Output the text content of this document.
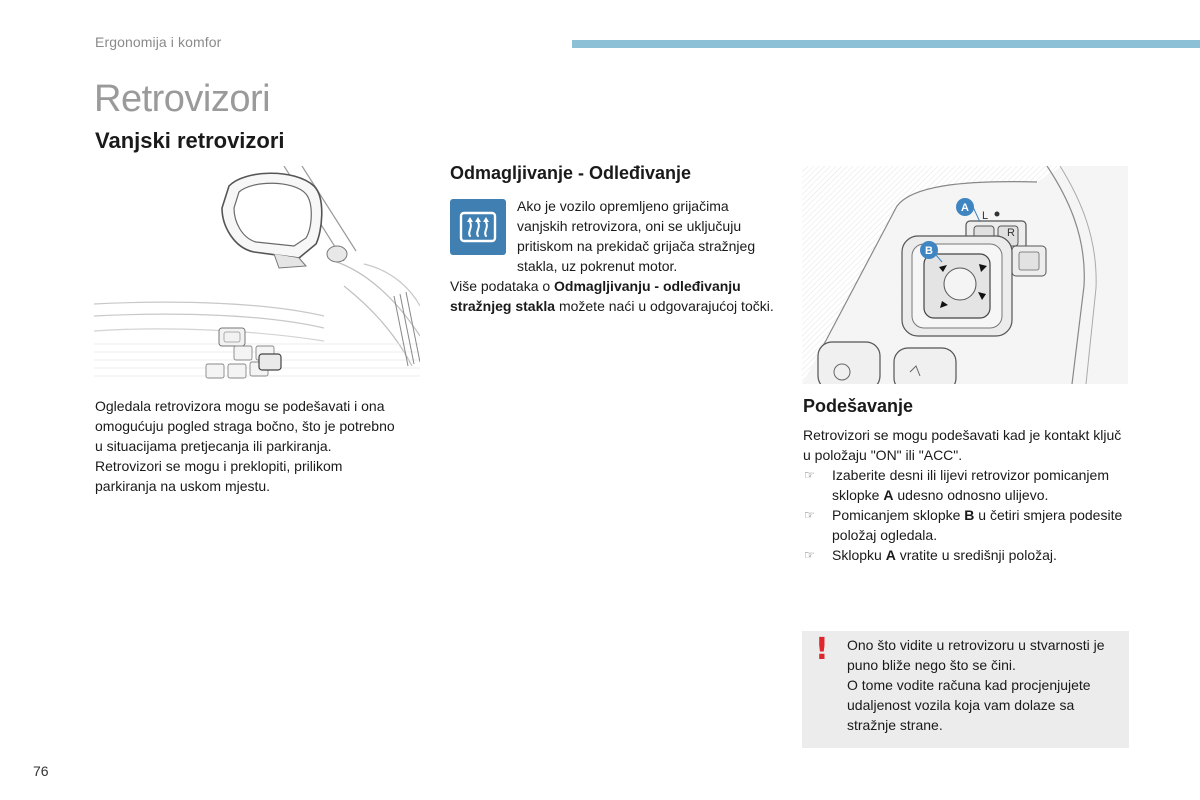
Ergonomija i komfor
Retrovizori
Vanjski retrovizori
Ogledala retrovizora mogu se podešavati i ona omogućuju pogled straga bočno, što je potrebno u situacijama pretjecanja ili parkiranja. Retrovizori se mogu i preklopiti, prilikom parkiranja na uskom mjestu.
Odmagljivanje - Odleđivanje
Ako je vozilo opremljeno grijačima vanjskih retrovizora, oni se uključuju pritiskom na prekidač grijača stražnjeg stakla, uz pokrenut motor.
Više podataka o Odmagljivanju - odleđivanju stražnjeg stakla možete naći u odgovarajućoj točki.
L
R
A
B
Podešavanje
Retrovizori se mogu podešavati kad je kontakt ključ u položaju "ON" ili "ACC".
☞ Izaberite desni ili lijevi retrovizor pomicanjem sklopke A udesno odnosno ulijevo.
☞ Pomicanjem sklopke B u četiri smjera podesite položaj ogledala.
☞ Sklopku A vratite u središnji položaj.
! Ono što vidite u retrovizoru u stvarnosti je puno bliže nego što se čini.
O tome vodite računa kad procjenjujete udaljenost vozila koja vam dolaze sa stražnje strane.
76
